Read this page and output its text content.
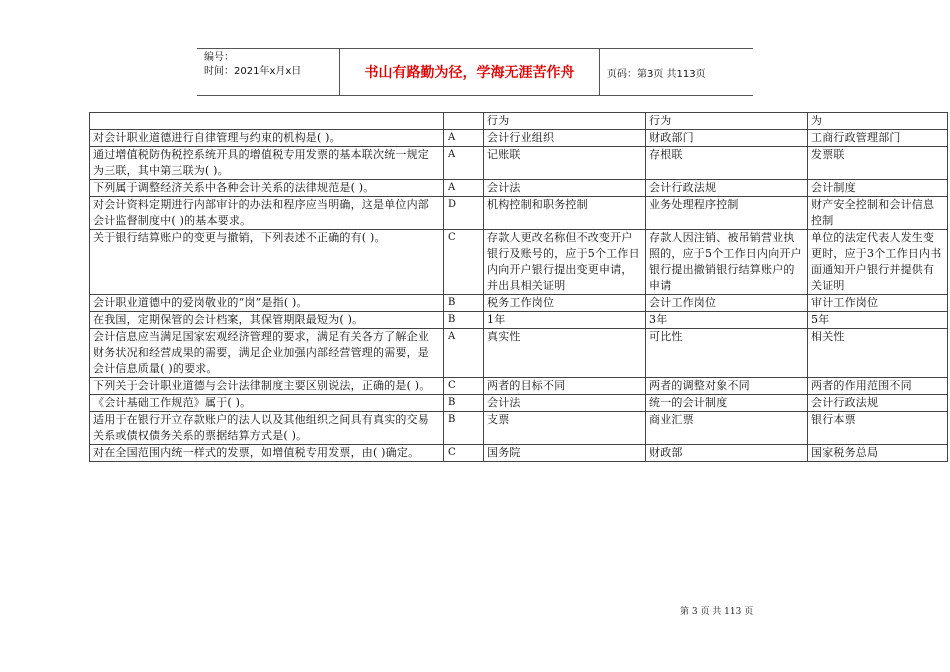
编号：
时间：2021年x月x日	书山有路勤为径，学海无涯苦作舟	页码：第3页 共113页
		行为	行为	为
对会计职业道德进行自律管理与约束的机构是( )。	A	会计行业组织	财政部门	工商行政管理部门
通过增值税防伪税控系统开具的增值税专用发票的基本联次统一规定为三联，其中第三联为( )。	A	记账联	存根联	发票联
下列属于调整经济关系中各种会计关系的法律规范是( )。	A	会计法	会计行政法规	会计制度
对会计资料定期进行内部审计的办法和程序应当明确，这是单位内部会计监督制度中( )的基本要求。	D	机构控制和职务控制	业务处理程序控制	财产安全控制和会计信息控制
关于银行结算账户的变更与撤销，下列表述不正确的有( )。	C	存款人更改名称但不改变开户银行及账号的，应于5个工作日内向开户银行提出变更申请，并出具相关证明	存款人因注销、被吊销营业执照的，应于5个工作日内向开户银行提出撤销银行结算账户的申请	单位的法定代表人发生变更时，应于3个工作日内书面通知开户银行并提供有关证明
会计职业道德中的爱岗敬业的“岗”是指( )。	B	税务工作岗位	会计工作岗位	审计工作岗位
在我国，定期保管的会计档案，其保管期限最短为( )。	B	1年	3年	5年
会计信息应当满足国家宏观经济管理的要求，满足有关各方了解企业财务状况和经营成果的需要，满足企业加强内部经营管理的需要，是会计信息质量( )的要求。	A	真实性	可比性	相关性
下列关于会计职业道德与会计法律制度主要区别说法，正确的是( )。	C	两者的目标不同	两者的调整对象不同	两者的作用范围不同
《会计基础工作规范》属于( )。	B	会计法	统一的会计制度	会计行政法规
适用于在银行开立存款账户的法人以及其他组织之间具有真实的交易关系或债权债务关系的票据结算方式是( )。	B	支票	商业汇票	银行本票
对在全国范围内统一样式的发票，如增值税专用发票，由( )确定。	C	国务院	财政部	国家税务总局
第 3 页 共 113 页
